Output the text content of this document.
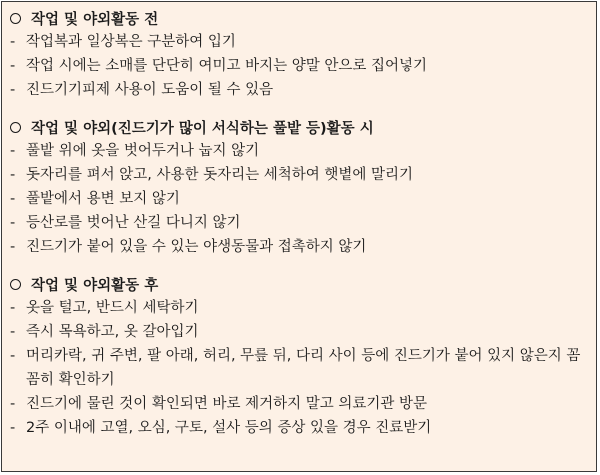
작업 및 야외활동 전
- 작업복과 일상복은 구분하여 입기
- 작업 시에는 소매를 단단히 여미고 바지는 양말 안으로 집어넣기
- 진드기기피제 사용이 도움이 될 수 있음
작업 및 야외(진드기가 많이 서식하는 풀밭 등)활동 시
- 풀밭 위에 옷을 벗어두거나 눕지 않기
- 돗자리를 펴서 앉고, 사용한 돗자리는 세척하여 햇볕에 말리기
- 풀밭에서 용변 보지 않기
- 등산로를 벗어난 산길 다니지 않기
- 진드기가 붙어 있을 수 있는 야생동물과 접촉하지 않기
작업 및 야외활동 후
- 옷을 털고, 반드시 세탁하기
- 즉시 목욕하고, 옷 갈아입기
- 머리카락, 귀 주변, 팔 아래, 허리, 무릎 뒤, 다리 사이 등에 진드기가 붙어 있지 않은지 꼼꼼히 확인하기
- 진드기에 물린 것이 확인되면 바로 제거하지 말고 의료기관 방문
- 2주 이내에 고열, 오심, 구토, 설사 등의 증상 있을 경우 진료받기
